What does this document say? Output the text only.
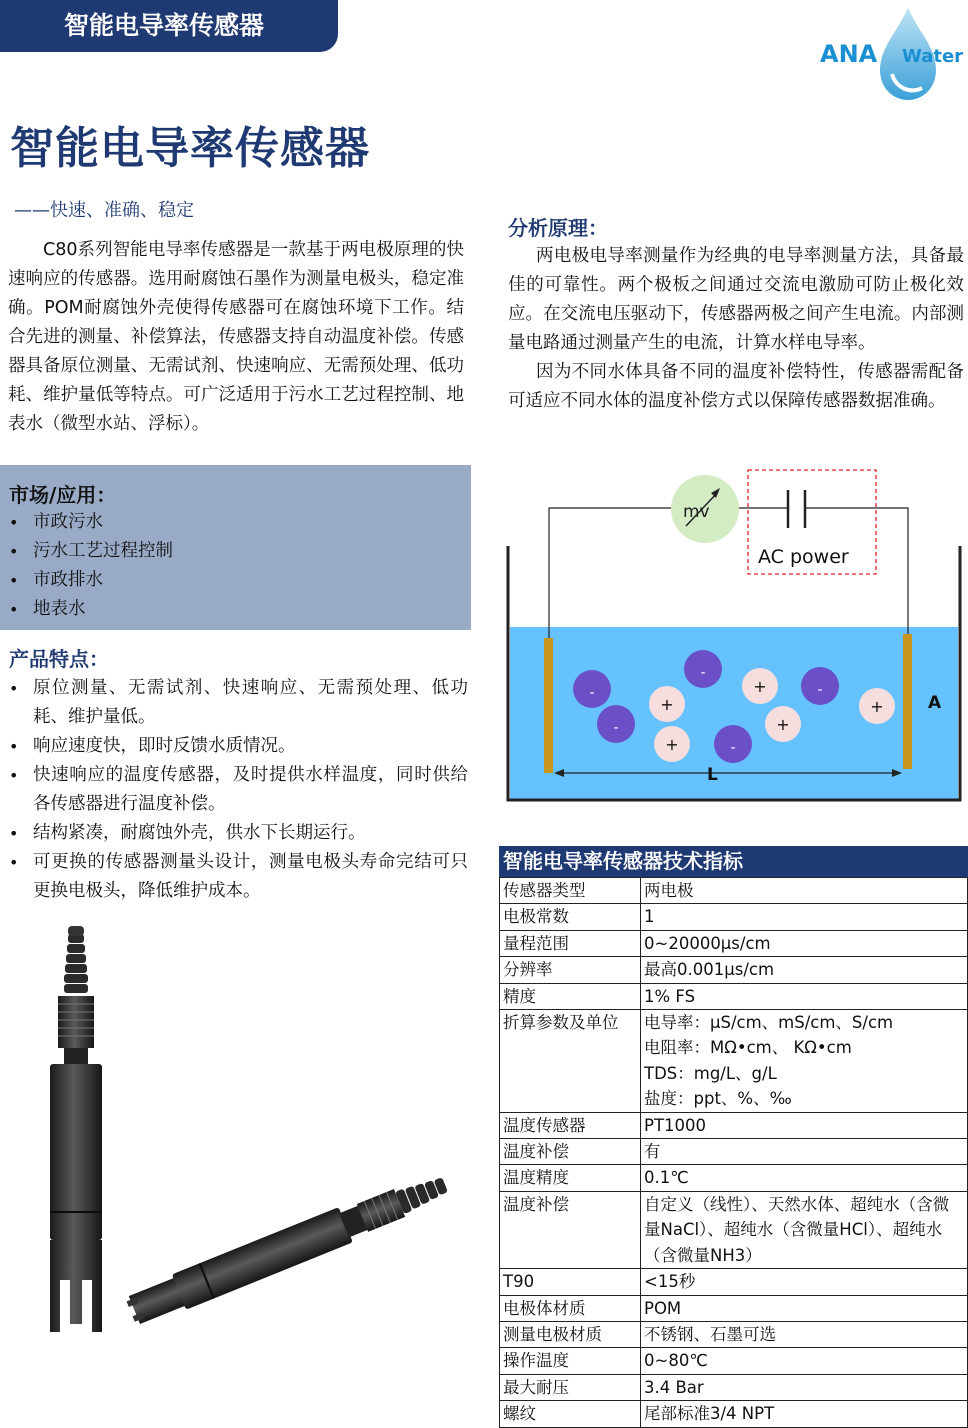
智能电导率传感器
ANA Water
智能电导率传感器
——快速、准确、稳定
C80系列智能电导率传感器是一款基于两电极原理的快速响应的传感器。选用耐腐蚀石墨作为测量电极头，稳定准确。POM耐腐蚀外壳使得传感器可在腐蚀环境下工作。结合先进的测量、补偿算法，传感器支持自动温度补偿。传感器具备原位测量、无需试剂、快速响应、无需预处理、低功耗、维护量低等特点。可广泛适用于污水工艺过程控制、地表水（微型水站、浮标）。
市场/应用：
• 市政污水
• 污水工艺过程控制
• 市政排水
• 地表水
产品特点：
• 原位测量、无需试剂、快速响应、无需预处理、低功耗、维护量低。
• 响应速度快，即时反馈水质情况。
• 快速响应的温度传感器，及时提供水样温度，同时供给各传感器进行温度补偿。
• 结构紧凑，耐腐蚀外壳，供水下长期运行。
• 可更换的传感器测量头设计，测量电极头寿命完结可只更换电极头，降低维护成本。
分析原理：

两电极电导率测量作为经典的电导率测量方法，具备最佳的可靠性。两个极板之间通过交流电激励可防止极化效应。在交流电压驱动下，传感器两极之间产生电流。内部测量电路通过测量产生的电流，计算水样电导率。

因为不同水体具备不同的温度补偿特性，传感器需配备可适应不同水体的温度补偿方式以保障传感器数据准确。

mv
AC power
A
L
-
-
-
-
-
+
+
+
+
+
智能电导率传感器技术指标
传感器类型	两电极

电极常数	1

量程范围	0~20000μs/cm

分辨率	最高0.001μs/cm

精度	1% FS

折算参数及单位	电导率：μS/cm、mS/cm、S/cm
电阻率：MΩ•cm、 KΩ•cm
TDS：mg/L、g/L
盐度：ppt、%、‰

温度传感器	PT1000

温度补偿	有

温度精度	0.1℃

温度补偿	自定义（线性）、天然水体、超纯水（含微量NaCl）、超纯水（含微量HCl）、超纯水（含微量NH3）

T90	<15秒

电极体材质	POM

测量电极材质	不锈钢、石墨可选

操作温度	0~80℃

最大耐压	3.4 Bar

螺纹	尾部标准3/4 NPT
